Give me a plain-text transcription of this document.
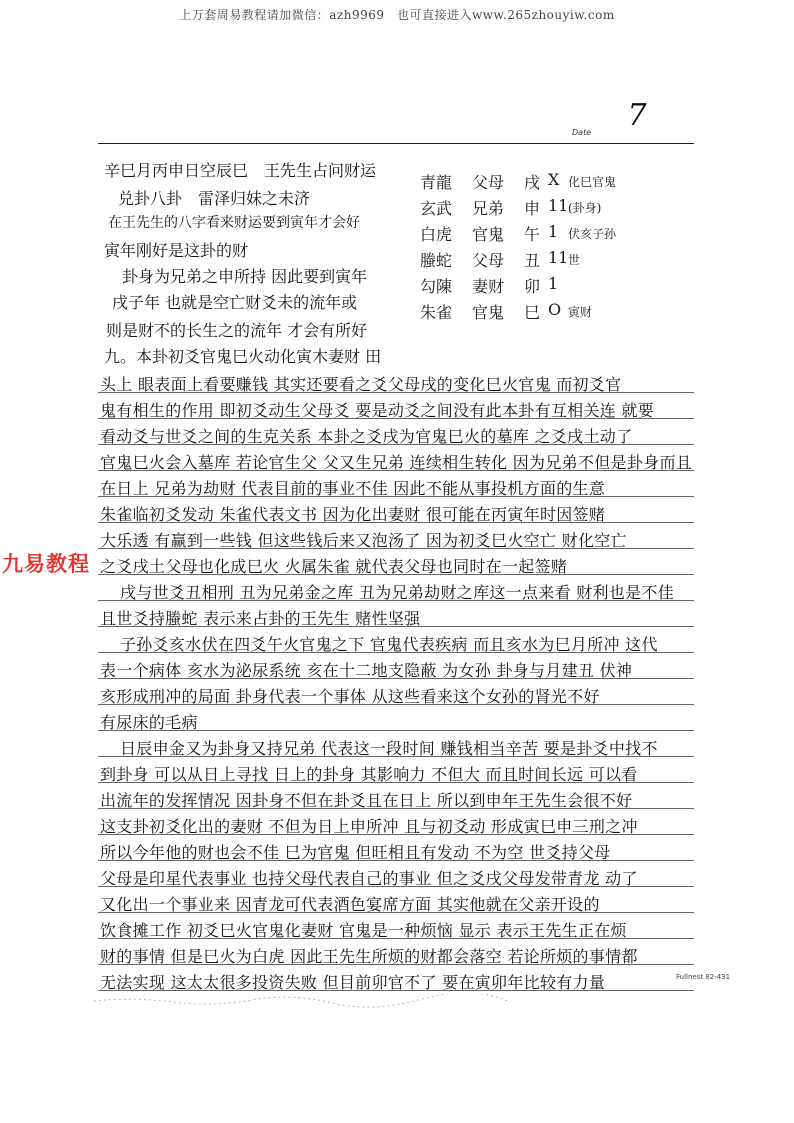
上万套周易教程请加微信：azh9969　也可直接进入www.265zhouyiw.com
7
Date
辛巳月丙申日空辰巳　王先生占问财运
兑卦八卦　雷泽归妹之未济
在王先生的八字看来财运要到寅年才会好
寅年刚好是这卦的财
卦身为兄弟之申所持 因此要到寅年
戌子年 也就是空亡财爻未的流年或
则是财不的长生之的流年 才会有所好
九。本卦初爻官鬼巳火动化寅木妻财 田
青龍 父母 戌 X 化巳官鬼
玄武 兄弟 申 11 (卦身)
白虎 官鬼 午 1 伏亥子孙
螣蛇 父母 丑 11 世
勾陳 妻财 卯 1
朱雀 官鬼 巳 O 寅财
头上 眼表面上看要赚钱 其实还要看之爻父母戌的变化巳火官鬼 而初爻官
鬼有相生的作用 即初爻动生父母爻 要是动爻之间没有此本卦有互相关连 就要
看动爻与世爻之间的生克关系 本卦之爻戌为官鬼巳火的墓库 之爻戌土动了
官鬼巳火会入墓库 若论官生父 父又生兄弟 连续相生转化 因为兄弟不但是卦身而且
在日上 兄弟为劫财 代表目前的事业不佳 因此不能从事投机方面的生意
朱雀临初爻发动 朱雀代表文书 因为化出妻财 很可能在丙寅年时因签赌
大乐透 有赢到一些钱 但这些钱后来又泡汤了 因为初爻巳火空亡 财化空亡
之爻戌土父母也化成巳火 火属朱雀 就代表父母也同时在一起签赌
戌与世爻丑相刑 丑为兄弟金之库 丑为兄弟劫财之库这一点来看 财利也是不佳
且世爻持螣蛇 表示来占卦的王先生 赌性坚强
子孙爻亥水伏在四爻午火官鬼之下 官鬼代表疾病 而且亥水为巳月所冲 这代
表一个病体 亥水为泌尿系统 亥在十二地支隐蔽 为女孙 卦身与月建丑 伏神
亥形成刑冲的局面 卦身代表一个事体 从这些看来这个女孙的肾光不好
有尿床的毛病
日辰申金又为卦身又持兄弟 代表这一段时间 赚钱相当辛苦 要是卦爻中找不
到卦身 可以从日上寻找 日上的卦身 其影响力 不但大 而且时间长远 可以看
出流年的发挥情况 因卦身不但在卦爻且在日上 所以到申年王先生会很不好
这支卦初爻化出的妻财 不但为日上申所冲 且与初爻动 形成寅巳申三刑之冲
所以今年他的财也会不佳 巳为官鬼 但旺相且有发动 不为空 世爻持父母
父母是印星代表事业 也持父母代表自己的事业 但之爻戌父母发带青龙 动了
又化出一个事业来 因青龙可代表酒色宴席方面 其实他就在父亲开设的
饮食摊工作 初爻巳火官鬼化妻财 官鬼是一种烦恼 显示 表示王先生正在烦
财的事情 但是巳火为白虎 因此王先生所烦的财都会落空 若论所烦的事情都
无法实现 这太太很多投资失败 但目前卯官不了 要在寅卯年比较有力量
九易教程
Fullnest 82-431
